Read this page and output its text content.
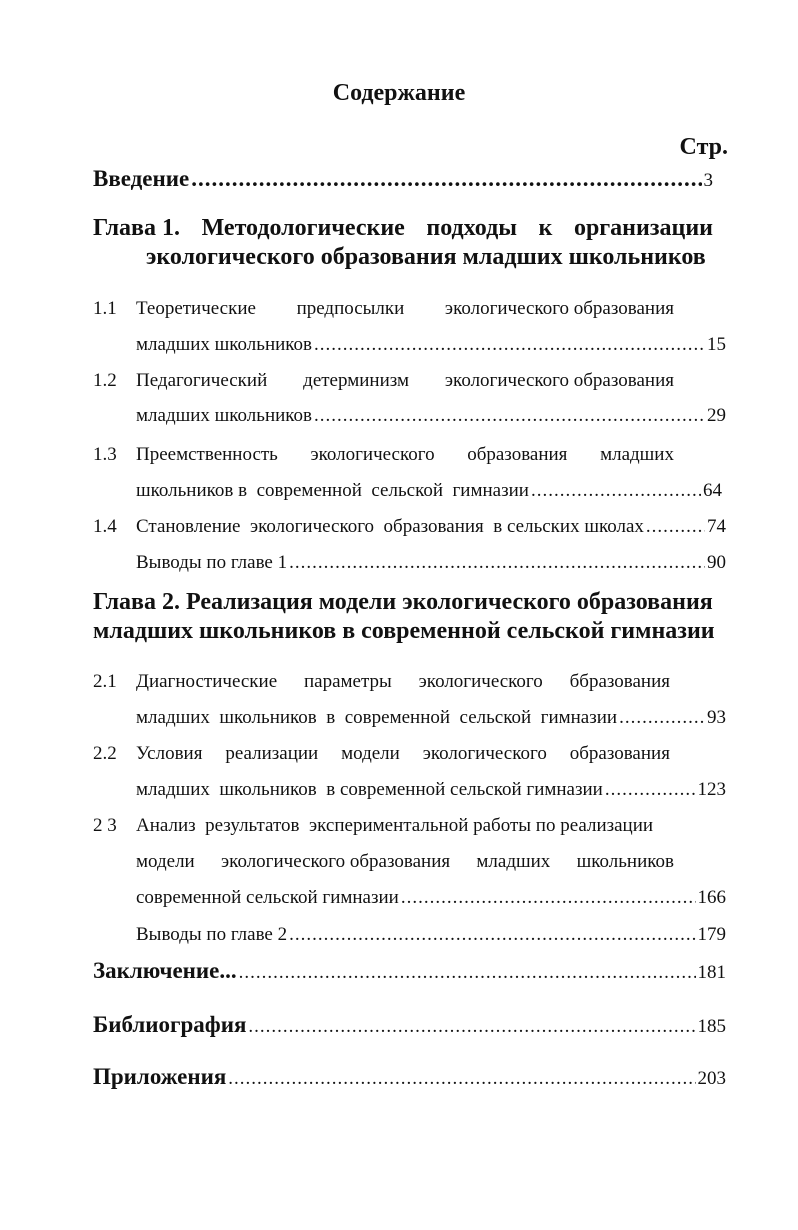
Содержание
Стр.
Введение .....	3
Глава 1. Методологические подходы к организации
экологического образования младших школьников
1.1 Теоретические предпосылки экологического образования
младших школьников .....	15
1.2 Педагогический детерминизм экологического образования
младших школьников .....	29
1.3 Преемственность экологического образования младших
школьников в  современной  сельской  гимназии .....	64
1.4 Становление  экологического  образования  в сельских школах .....	74
Выводы по главе 1 .....	90
Глава 2. Реализация модели экологического образования
младших школьников в современной сельской гимназии
2.1 Диагностические параметры экологического ббразования
младших  школьников  в  современной  сельской  гимназии .....	93
2.2 Условия реализации модели экологического образования
младших  школьников  в современной сельской гимназии .....	123
2 3 Анализ  результатов  экспериментальной работы по реализации
модели экологического образования младших школьников
современной сельской гимназии .....	166
Выводы по главе 2 .....	179
Заключение... .....	181
Библиография .....	185
Приложения .....	203
